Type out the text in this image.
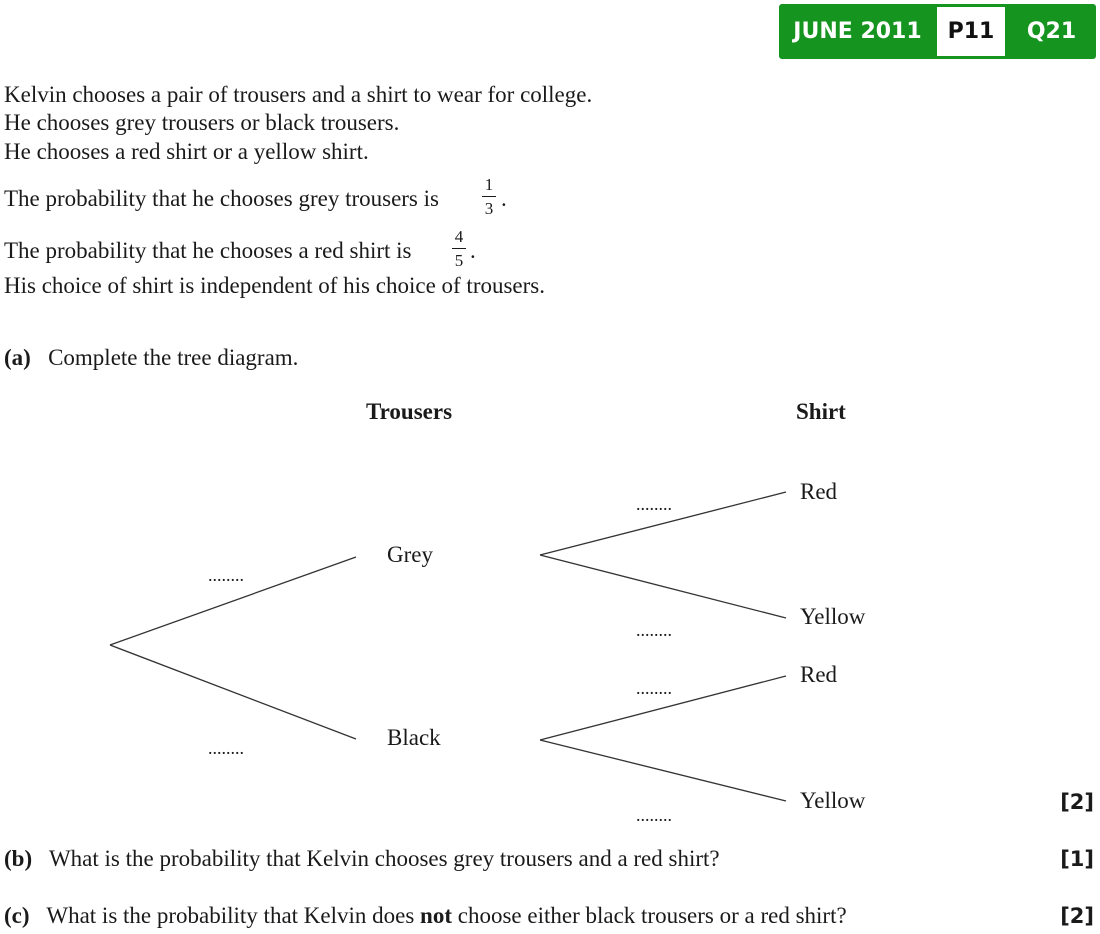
JUNE 2011	P11	Q21
Kelvin chooses a pair of trousers and a shirt to wear for college.
He chooses grey trousers or black trousers.
He chooses a red shirt or a yellow shirt.
The probability that he chooses grey trousers is
1
3 .
The probability that he chooses a red shirt is
4
5 .
His choice of shirt is independent of his choice of trousers.
(a) Complete the tree diagram.
Trousers	Shirt
Grey
Black
Red
Yellow
Red
Yellow
........
........
........
........
........
........
[2]
(b) What is the probability that Kelvin chooses grey trousers and a red shirt?	[1]
(c) What is the probability that Kelvin does not choose either black trousers or a red shirt?	[2]
